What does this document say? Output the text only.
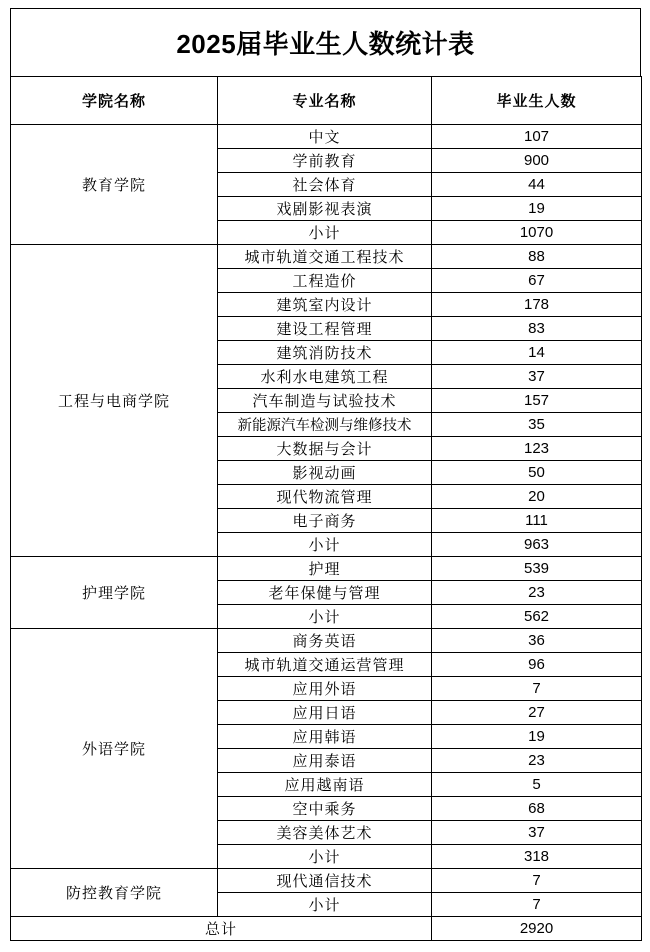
2025届毕业生人数统计表
学院名称	专业名称	毕业生人数
教育学院	中文	107
	学前教育	900
	社会体育	44
	戏剧影视表演	19
	小计	1070
工程与电商学院	城市轨道交通工程技术	88
	工程造价	67
	建筑室内设计	178
	建设工程管理	83
	建筑消防技术	14
	水利水电建筑工程	37
	汽车制造与试验技术	157
	新能源汽车检测与维修技术	35
	大数据与会计	123
	影视动画	50
	现代物流管理	20
	电子商务	111
	小计	963
护理学院	护理	539
	老年保健与管理	23
	小计	562
外语学院	商务英语	36
	城市轨道交通运营管理	96
	应用外语	7
	应用日语	27
	应用韩语	19
	应用泰语	23
	应用越南语	5
	空中乘务	68
	美容美体艺术	37
	小计	318
防控教育学院	现代通信技术	7
	小计	7
总计		2920
